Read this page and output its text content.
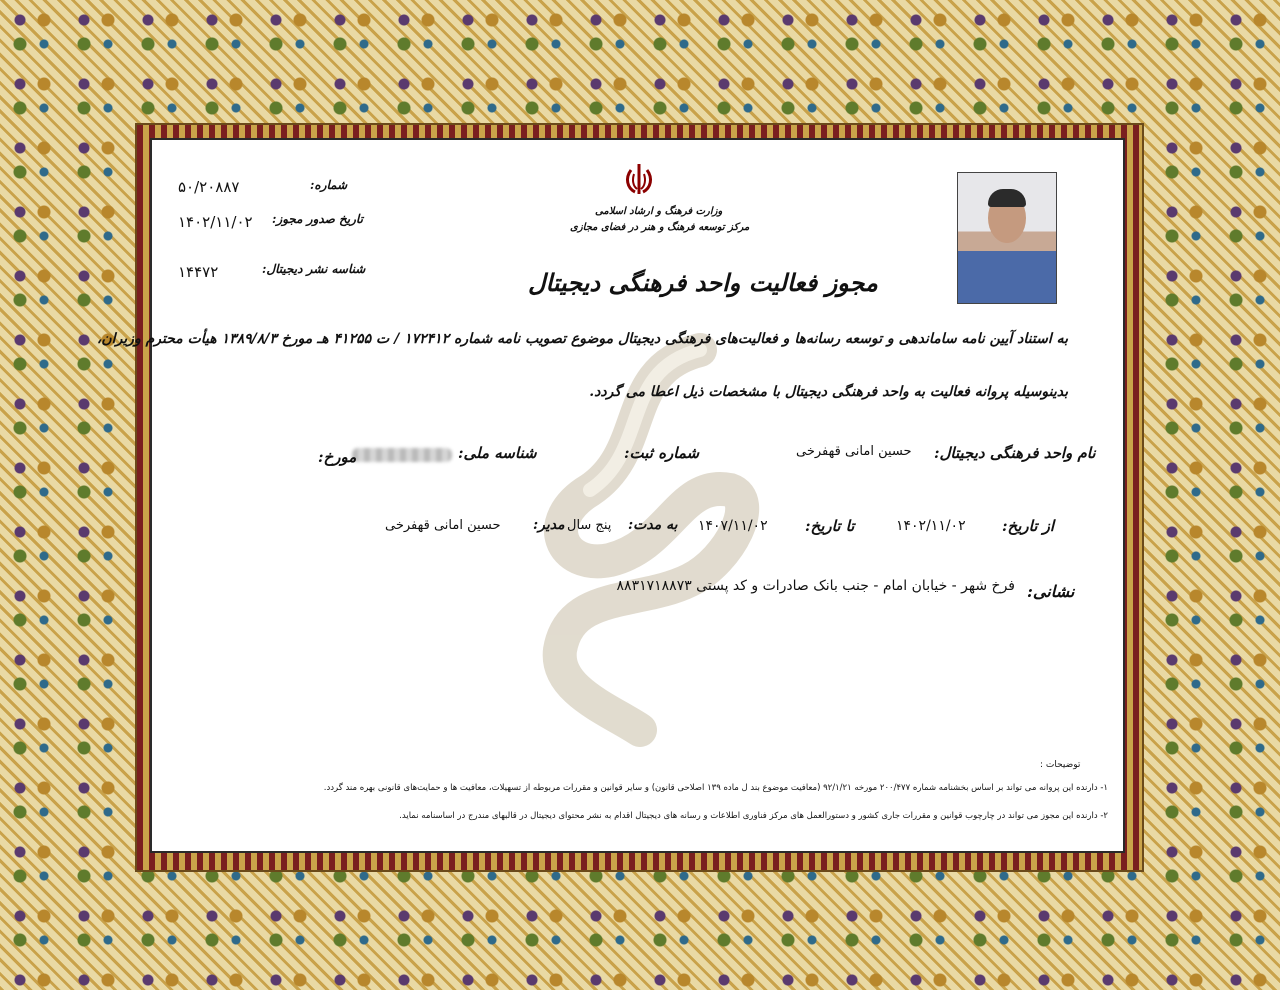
وزارت فرهنگ و ارشاد اسلامی
مرکز توسعه فرهنگ و هنر در فضای مجازی
شماره:
۵۰/۲۰۸۸۷
تاریخ صدور مجوز:
۱۴۰۲/۱۱/۰۲
شناسه نشر دیجیتال:
۱۴۴۷۲	مجوز فعالیت واحد فرهنگی دیجیتال
به استناد آیین نامه ساماندهی و توسعه رسانه‌ها و فعالیت‌های فرهنگی دیجیتال موضوع تصویب نامه شماره ۱۷۲۴۱۲ / ت ۴۱۲۵۵ هـ مورخ ۱۳۸۹/۸/۳ هیأت محترم وزیران،
بدینوسیله پروانه فعالیت به واحد فرهنگی دیجیتال با مشخصات ذیل اعطا می گردد.
نام واحد فرهنگی دیجیتال:
حسین امانی قهفرخی
شماره ثبت:
شناسه ملی:
مورخ:
از تاریخ:
۱۴۰۲/۱۱/۰۲
تا تاریخ:
۱۴۰۷/۱۱/۰۲
به مدت:
پنج سال
مدیر:
حسین امانی قهفرخی
نشانی:
فرخ شهر - خیابان امام - جنب بانک صادرات و کد پستی ۸۸۳۱۷۱۸۸۷۳
توضیحات :
۱- دارنده این پروانه می تواند بر اساس بخشنامه شماره ۲۰۰/۴۷۷ مورخه ۹۲/۱/۲۱ (معافیت موضوع بند ل ماده ۱۳۹ اصلاحی قانون) و سایر قوانین و مقررات مربوطه از تسهیلات، معافیت ها و حمایت‌های قانونی بهره مند گردد.
۲- دارنده این مجوز می تواند در چارچوب قوانین و مقررات جاری کشور و دستورالعمل های مرکز فناوری اطلاعات و رسانه های دیجیتال اقدام به نشر محتوای دیجیتال در قالبهای مندرج در اساسنامه نماید.
